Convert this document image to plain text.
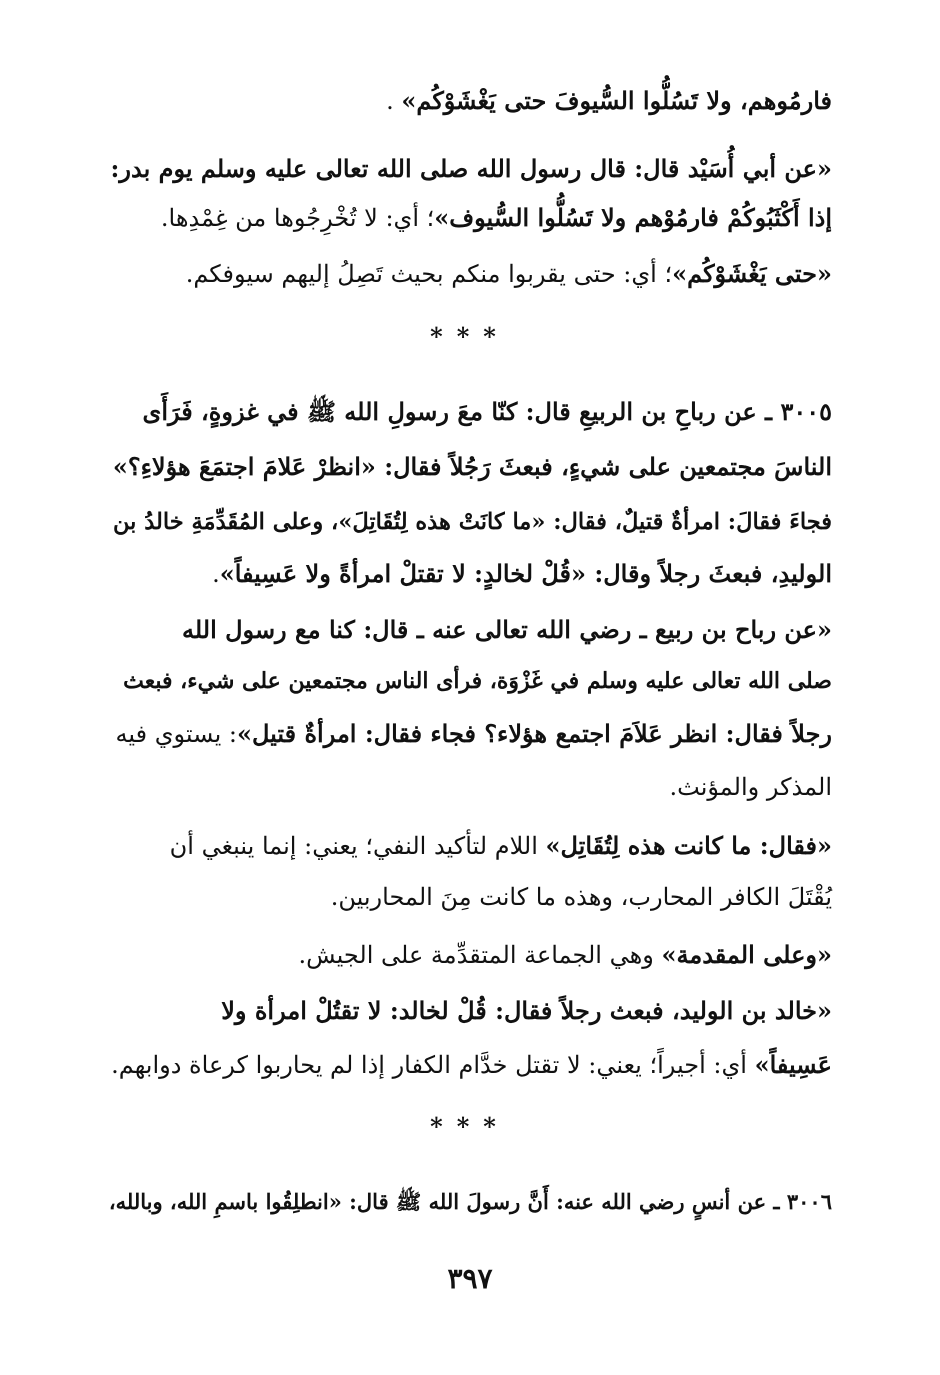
فارمُوهم، ولا تَسُلُّوا السُّيوفَ حتى يَغْشَوْكُم» .
«عن أبي أُسَيْد قال: قال رسول الله صلى الله تعالى عليه وسلم يوم بدر:
إذا أَكْثَبُوكُمْ فارمُوْهم ولا تَسُلُّوا السُّيوف»؛ أي: لا تُخْرِجُوها من غِمْدِها.
«حتى يَغْشَوْكُم»؛ أي: حتى يقربوا منكم بحيث تَصِلُ إليهم سيوفكم.
***
٣٠٠٥ ـ عن رباحِ بن الربيعِ قال: كنّا معَ رسولِ الله ﷺ في غزوةٍ، فَرَأَى
الناسَ مجتمعين على شيءٍ، فبعثَ رَجُلاً فقال: «انظرْ عَلامَ اجتمَعَ هؤلاءِ؟»
فجاءَ فقالَ: امرأةٌ قتيلٌ، فقال: «ما كانَتْ هذه لِتُقَاتِلَ»، وعلى المُقَدِّمَةِ خالدُ بن
الوليدِ، فبعثَ رجلاً وقال: «قُلْ لخالدٍ: لا تقتلْ امرأةً ولا عَسِيفاً».
«عن رباح بن ربيع ـ رضي الله تعالى عنه ـ قال: كنا مع رسول الله
صلى الله تعالى عليه وسلم في غَزْوَة، فرأى الناس مجتمعين على شيء، فبعث
رجلاً فقال: انظر عَلاَمَ اجتمع هؤلاء؟ فجاء فقال: امرأةٌ قتيل»: يستوي فيه
المذكر والمؤنث.
«فقال: ما كانت هذه لِتُقَاتِل» اللام لتأكيد النفي؛ يعني: إنما ينبغي أن
يُقْتَلَ الكافر المحارب، وهذه ما كانت مِنَ المحاربين.
«وعلى المقدمة» وهي الجماعة المتقدِّمة على الجيش.
«خالد بن الوليد، فبعث رجلاً فقال: قُلْ لخالد: لا تقتُلْ امرأة ولا
عَسِيفاً» أي: أجيراً؛ يعني: لا تقتل خدَّام الكفار إذا لم يحاربوا كرعاة دوابهم.
***
٣٠٠٦ ـ عن أنسٍ رضي الله عنه: أَنَّ رسولَ الله ﷺ قال: «انطلِقُوا باسمِ الله، وبالله،
٣٩٧
